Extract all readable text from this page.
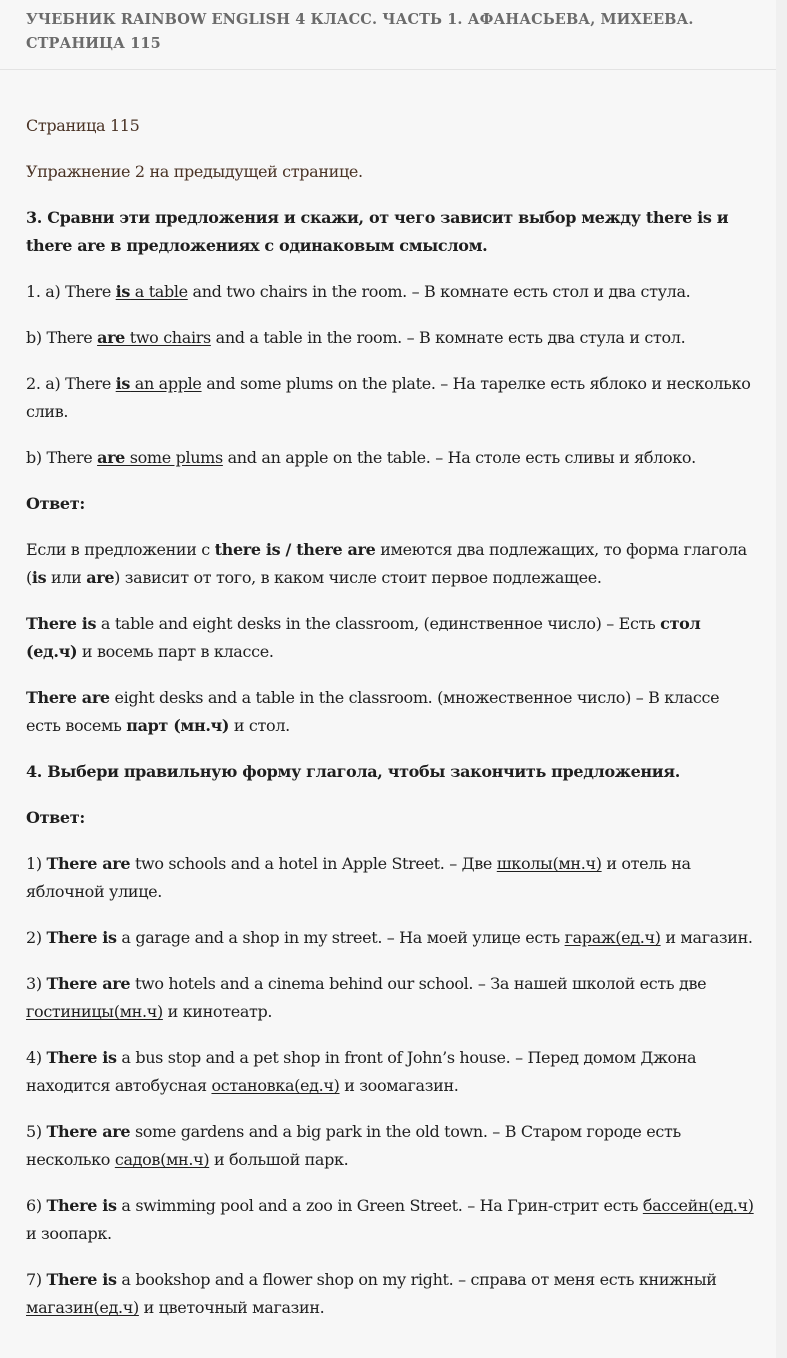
УЧЕБНИК RAINBOW ENGLISH 4 КЛАСС. ЧАСТЬ 1. АФАНАСЬЕВА, МИХЕЕВА.
СТРАНИЦА 115

Страница 115

Упражнение 2 на предыдущей странице.

3. Сравни эти предложения и скажи, от чего зависит выбор между there is и there are в предложениях с одинаковым смыслом.

1. a) There is a table and two chairs in the room. – В комнате есть стол и два стула.

b) There are two chairs and a table in the room. – В комнате есть два стула и стол.

2. a) There is an apple and some plums on the plate. – На тарелке есть яблоко и несколько слив.

b) There are some plums and an apple on the table. – На столе есть сливы и яблоко.

Ответ:

Если в предложении с there is / there are имеются два подлежащих, то форма глагола (is или are) зависит от того, в каком числе стоит первое подлежащее.

There is a table and eight desks in the classroom, (единственное число) – Есть стол (ед.ч) и восемь парт в классе.

There are eight desks and a table in the classroom. (множественное число) – В классе есть восемь парт (мн.ч) и стол.

4. Выбери правильную форму глагола, чтобы закончить предложения.

Ответ:

1) There are two schools and a hotel in Apple Street. – Две школы(мн.ч) и отель на яблочной улице.

2) There is a garage and a shop in my street. – На моей улице есть гараж(ед.ч) и магазин.

3) There are two hotels and a cinema behind our school. – За нашей школой есть две гостиницы(мн.ч) и кинотеатр.

4) There is a bus stop and a pet shop in front of John’s house. – Перед домом Джона находится автобусная остановка(ед.ч) и зоомагазин.

5) There are some gardens and a big park in the old town. – В Старом городе есть несколько садов(мн.ч) и большой парк.

6) There is a swimming pool and a zoo in Green Street. – На Грин-стрит есть бассейн(ед.ч) и зоопарк.

7) There is a bookshop and a flower shop on my right. – справа от меня есть книжный магазин(ед.ч) и цветочный магазин.
